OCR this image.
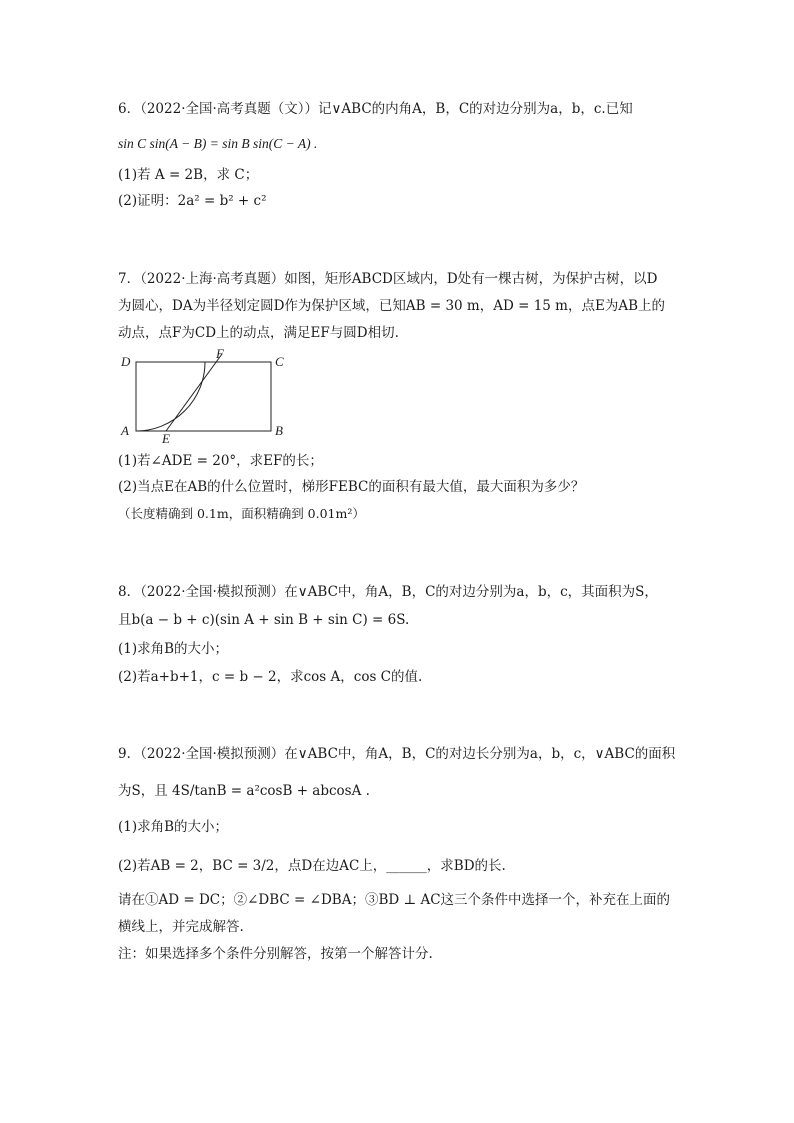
6．（2022·全国·高考真题（文））记∨ABC的内角A，B，C的对边分别为a，b，c.已知
sin C sin(A − B) = sin B sin(C − A) .
(1)若 A = 2B，求 C；
(2)证明：2a² = b² + c²
7．（2022·上海·高考真题）如图，矩形ABCD区域内，D处有一棵古树，为保护古树，以D
为圆心，DA为半径划定圆D作为保护区域，已知AB = 30 m，AD = 15 m，点E为AB上的
动点，点F为CD上的动点，满足EF与圆D相切.
D
F
C
A
E
B
(1)若∠ADE = 20°，求EF的长；
(2)当点E在AB的什么位置时，梯形FEBC的面积有最大值，最大面积为多少？
（长度精确到 0.1m，面积精确到 0.01m²）
8．（2022·全国·模拟预测）在∨ABC中，角A，B，C的对边分别为a，b，c，其面积为S，
且b(a − b + c)(sin A + sin B + sin C) = 6S.
(1)求角B的大小；
(2)若a+b+1，c = b − 2，求cos A，cos C的值.
9．（2022·全国·模拟预测）在∨ABC中，角A，B，C的对边长分别为a，b，c，∨ABC的面积
为S，且 4S/tanB = a²cosB + abcosA .
(1)求角B的大小；
(2)若AB = 2，BC = 3/2，点D在边AC上，______，求BD的长.
请在①AD = DC；②∠DBC = ∠DBA；③BD ⊥ AC这三个条件中选择一个，补充在上面的
横线上，并完成解答.
注：如果选择多个条件分别解答，按第一个解答计分.
